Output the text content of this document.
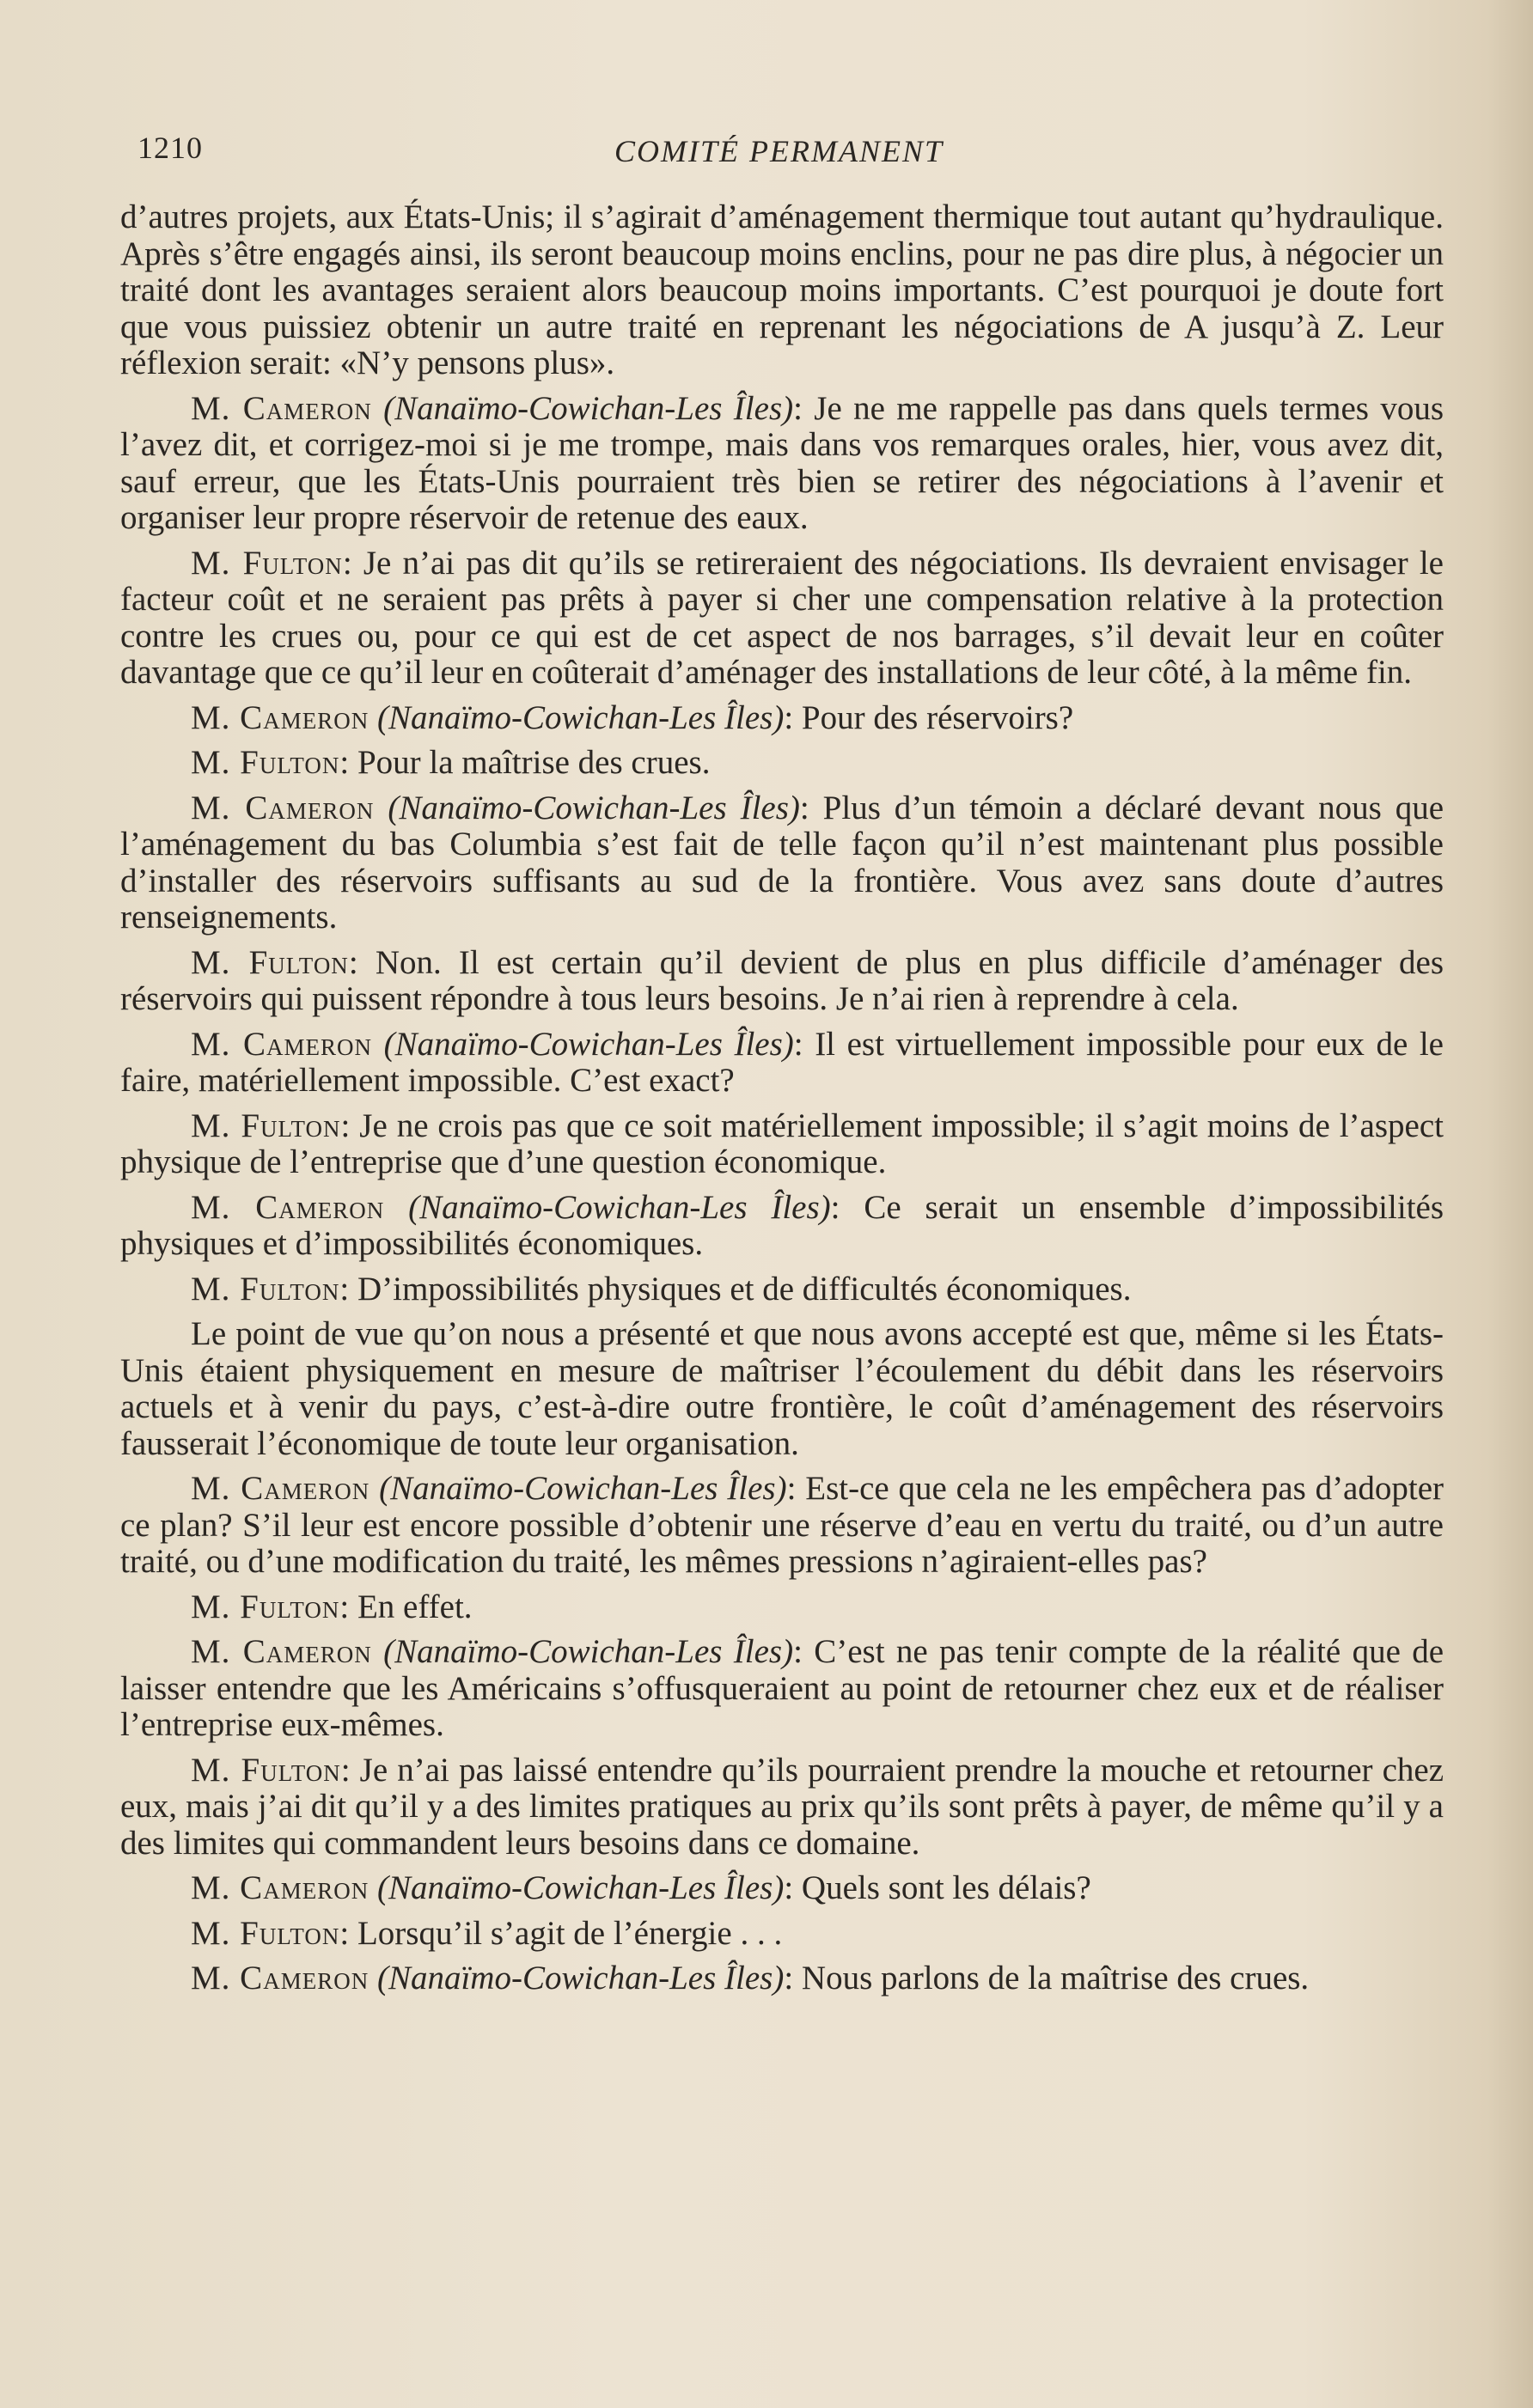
1210	COMITÉ PERMANENT

d’autres projets, aux États-Unis; il s’agirait d’aménagement thermique tout autant qu’hydraulique. Après s’être engagés ainsi, ils seront beaucoup moins enclins, pour ne pas dire plus, à négocier un traité dont les avantages seraient alors beaucoup moins importants. C’est pourquoi je doute fort que vous puissiez obtenir un autre traité en reprenant les négociations de A jusqu’à Z. Leur réflexion serait: «N’y pensons plus».

M. Cameron (Nanaïmo-Cowichan-Les Îles): Je ne me rappelle pas dans quels termes vous l’avez dit, et corrigez-moi si je me trompe, mais dans vos remarques orales, hier, vous avez dit, sauf erreur, que les États-Unis pourraient très bien se retirer des négociations à l’avenir et organiser leur propre réservoir de retenue des eaux.

M. Fulton: Je n’ai pas dit qu’ils se retireraient des négociations. Ils devraient envisager le facteur coût et ne seraient pas prêts à payer si cher une compensation relative à la protection contre les crues ou, pour ce qui est de cet aspect de nos barrages, s’il devait leur en coûter davantage que ce qu’il leur en coûterait d’aménager des installations de leur côté, à la même fin.

M. Cameron (Nanaïmo-Cowichan-Les Îles): Pour des réservoirs?

M. Fulton: Pour la maîtrise des crues.

M. Cameron (Nanaïmo-Cowichan-Les Îles): Plus d’un témoin a déclaré devant nous que l’aménagement du bas Columbia s’est fait de telle façon qu’il n’est maintenant plus possible d’installer des réservoirs suffisants au sud de la frontière. Vous avez sans doute d’autres renseignements.

M. Fulton: Non. Il est certain qu’il devient de plus en plus difficile d’aménager des réservoirs qui puissent répondre à tous leurs besoins. Je n’ai rien à reprendre à cela.

M. Cameron (Nanaïmo-Cowichan-Les Îles): Il est virtuellement impossible pour eux de le faire, matériellement impossible. C’est exact?

M. Fulton: Je ne crois pas que ce soit matériellement impossible; il s’agit moins de l’aspect physique de l’entreprise que d’une question économique.

M. Cameron (Nanaïmo-Cowichan-Les Îles): Ce serait un ensemble d’impossibilités physiques et d’impossibilités économiques.

M. Fulton: D’impossibilités physiques et de difficultés économiques.

Le point de vue qu’on nous a présenté et que nous avons accepté est que, même si les États-Unis étaient physiquement en mesure de maîtriser l’écoulement du débit dans les réservoirs actuels et à venir du pays, c’est-à-dire outre frontière, le coût d’aménagement des réservoirs fausserait l’économique de toute leur organisation.

M. Cameron (Nanaïmo-Cowichan-Les Îles): Est-ce que cela ne les empêchera pas d’adopter ce plan? S’il leur est encore possible d’obtenir une réserve d’eau en vertu du traité, ou d’un autre traité, ou d’une modification du traité, les mêmes pressions n’agiraient-elles pas?

M. Fulton: En effet.

M. Cameron (Nanaïmo-Cowichan-Les Îles): C’est ne pas tenir compte de la réalité que de laisser entendre que les Américains s’offusqueraient au point de retourner chez eux et de réaliser l’entreprise eux-mêmes.

M. Fulton: Je n’ai pas laissé entendre qu’ils pourraient prendre la mouche et retourner chez eux, mais j’ai dit qu’il y a des limites pratiques au prix qu’ils sont prêts à payer, de même qu’il y a des limites qui commandent leurs besoins dans ce domaine.

M. Cameron (Nanaïmo-Cowichan-Les Îles): Quels sont les délais?

M. Fulton: Lorsqu’il s’agit de l’énergie . . .

M. Cameron (Nanaïmo-Cowichan-Les Îles): Nous parlons de la maîtrise des crues.
